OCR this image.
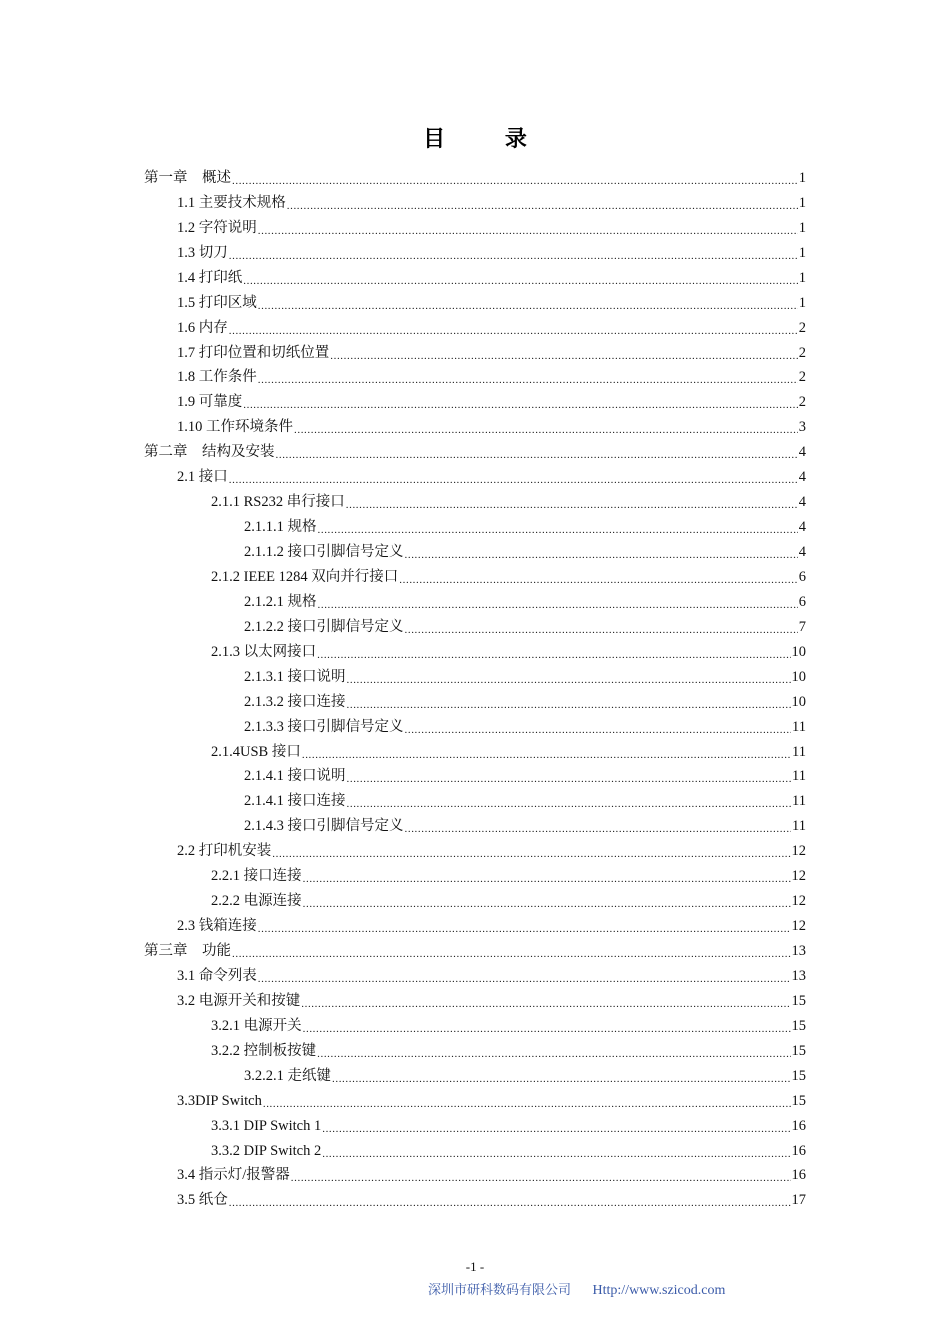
目 录
第一章　概述 .....	1
1.1 主要技术规格 .....	1
1.2 字符说明 .....	1
1.3 切刀 .....	1
1.4 打印纸 .....	1
1.5 打印区域 .....	1
1.6 内存 .....	2
1.7 打印位置和切纸位置 .....	2
1.8 工作条件 .....	2
1.9 可靠度 .....	2
1.10 工作环境条件 .....	3
第二章　结构及安装 .....	4
2.1 接口 .....	4
2.1.1 RS232 串行接口 .....	4
2.1.1.1 规格 .....	4
2.1.1.2 接口引脚信号定义 .....	4
2.1.2 IEEE 1284 双向并行接口 .....	6
2.1.2.1 规格 .....	6
2.1.2.2 接口引脚信号定义 .....	7
2.1.3 以太网接口 .....	10
2.1.3.1 接口说明 .....	10
2.1.3.2 接口连接 .....	10
2.1.3.3 接口引脚信号定义 .....	11
2.1.4USB 接口 .....	11
2.1.4.1 接口说明 .....	11
2.1.4.1 接口连接 .....	11
2.1.4.3 接口引脚信号定义 .....	11
2.2 打印机安装 .....	12
2.2.1 接口连接 .....	12
2.2.2 电源连接 .....	12
2.3 钱箱连接 .....	12
第三章　功能 .....	13
3.1 命令列表 .....	13
3.2 电源开关和按键 .....	15
3.2.1 电源开关 .....	15
3.2.2 控制板按键 .....	15
3.2.2.1 走纸键 .....	15
3.3DIP Switch .....	15
3.3.1 DIP Switch 1 .....	16
3.3.2 DIP Switch 2 .....	16
3.4 指示灯/报警器 .....	16
3.5 纸仓 .....	17
-1 -
深圳市研科数码有限公司 Http://www.szicod.com
